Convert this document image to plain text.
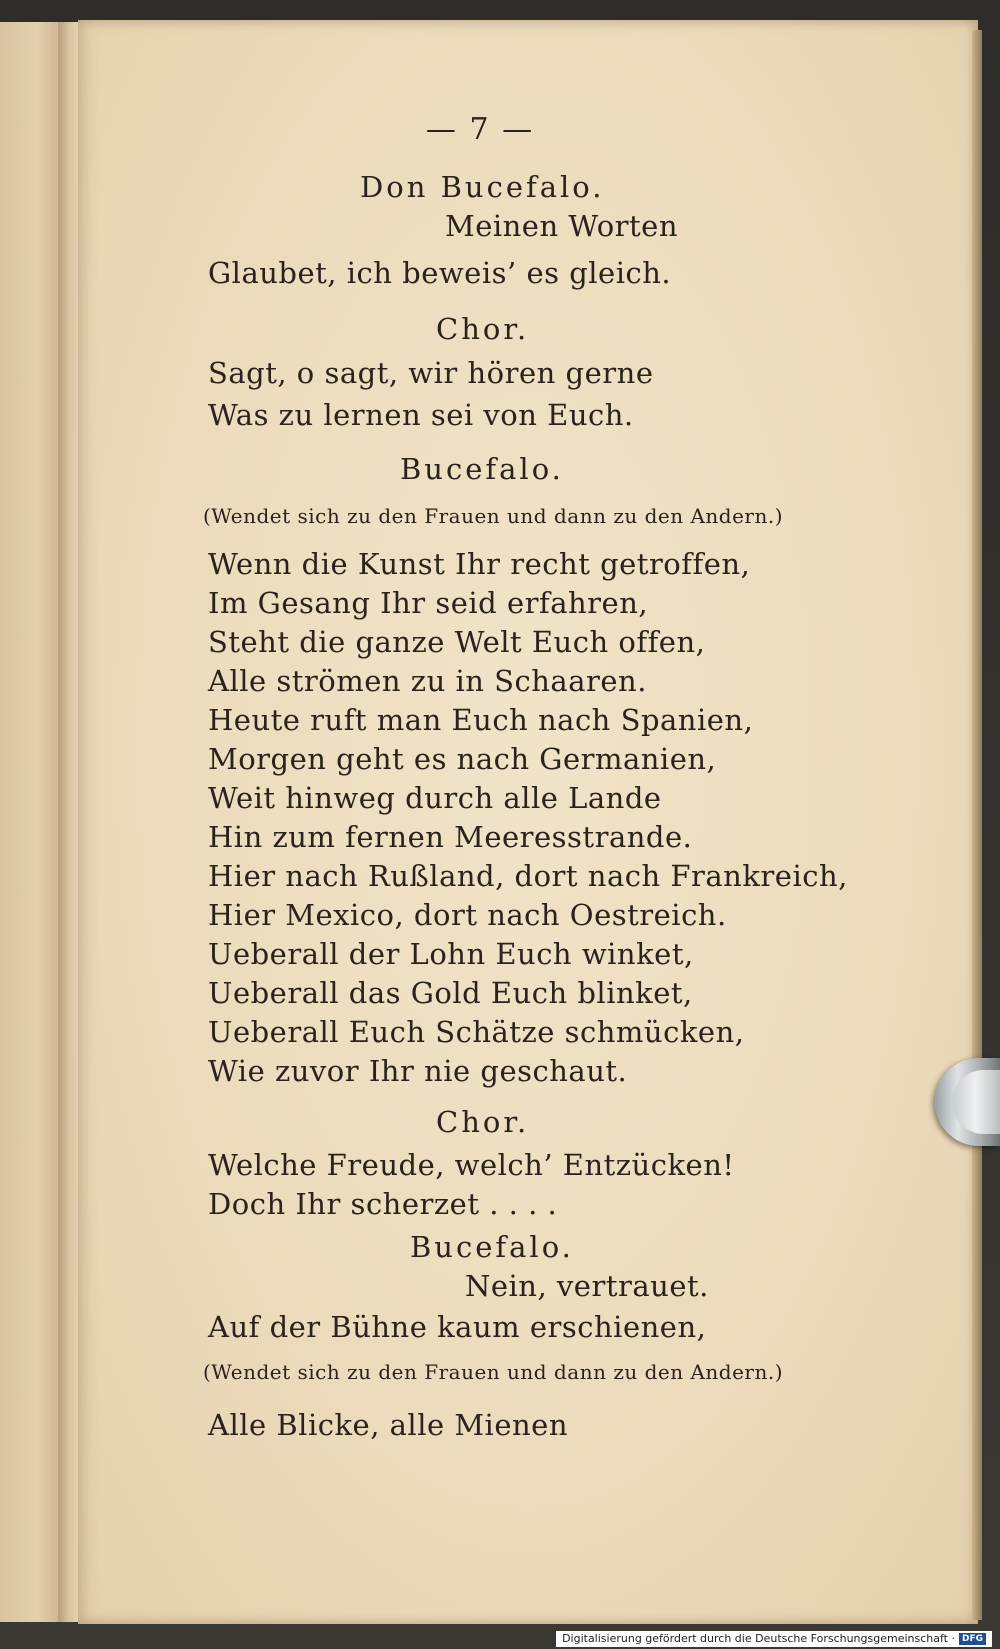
— 7 —
Don Bucefalo.
Meinen Worten
Glaubet, ich beweis’ es gleich.
Chor.
Sagt, o sagt, wir hören gerne
Was zu lernen sei von Euch.
Bucefalo.
(Wendet sich zu den Frauen und dann zu den Andern.)
Wenn die Kunst Ihr recht getroffen,
Im Gesang Ihr seid erfahren,
Steht die ganze Welt Euch offen,
Alle strömen zu in Schaaren.
Heute ruft man Euch nach Spanien,
Morgen geht es nach Germanien,
Weit hinweg durch alle Lande
Hin zum fernen Meeresstrande.
Hier nach Rußland, dort nach Frankreich,
Hier Mexico, dort nach Oestreich.
Ueberall der Lohn Euch winket,
Ueberall das Gold Euch blinket,
Ueberall Euch Schätze schmücken,
Wie zuvor Ihr nie geschaut.
Chor.
Welche Freude, welch’ Entzücken!
Doch Ihr scherzet . . . .
Bucefalo.
Nein, vertrauet.
Auf der Bühne kaum erschienen,
(Wendet sich zu den Frauen und dann zu den Andern.)
Alle Blicke, alle Mienen
Digitalisierung gefördert durch die Deutsche Forschungsgemeinschaft · DFG
